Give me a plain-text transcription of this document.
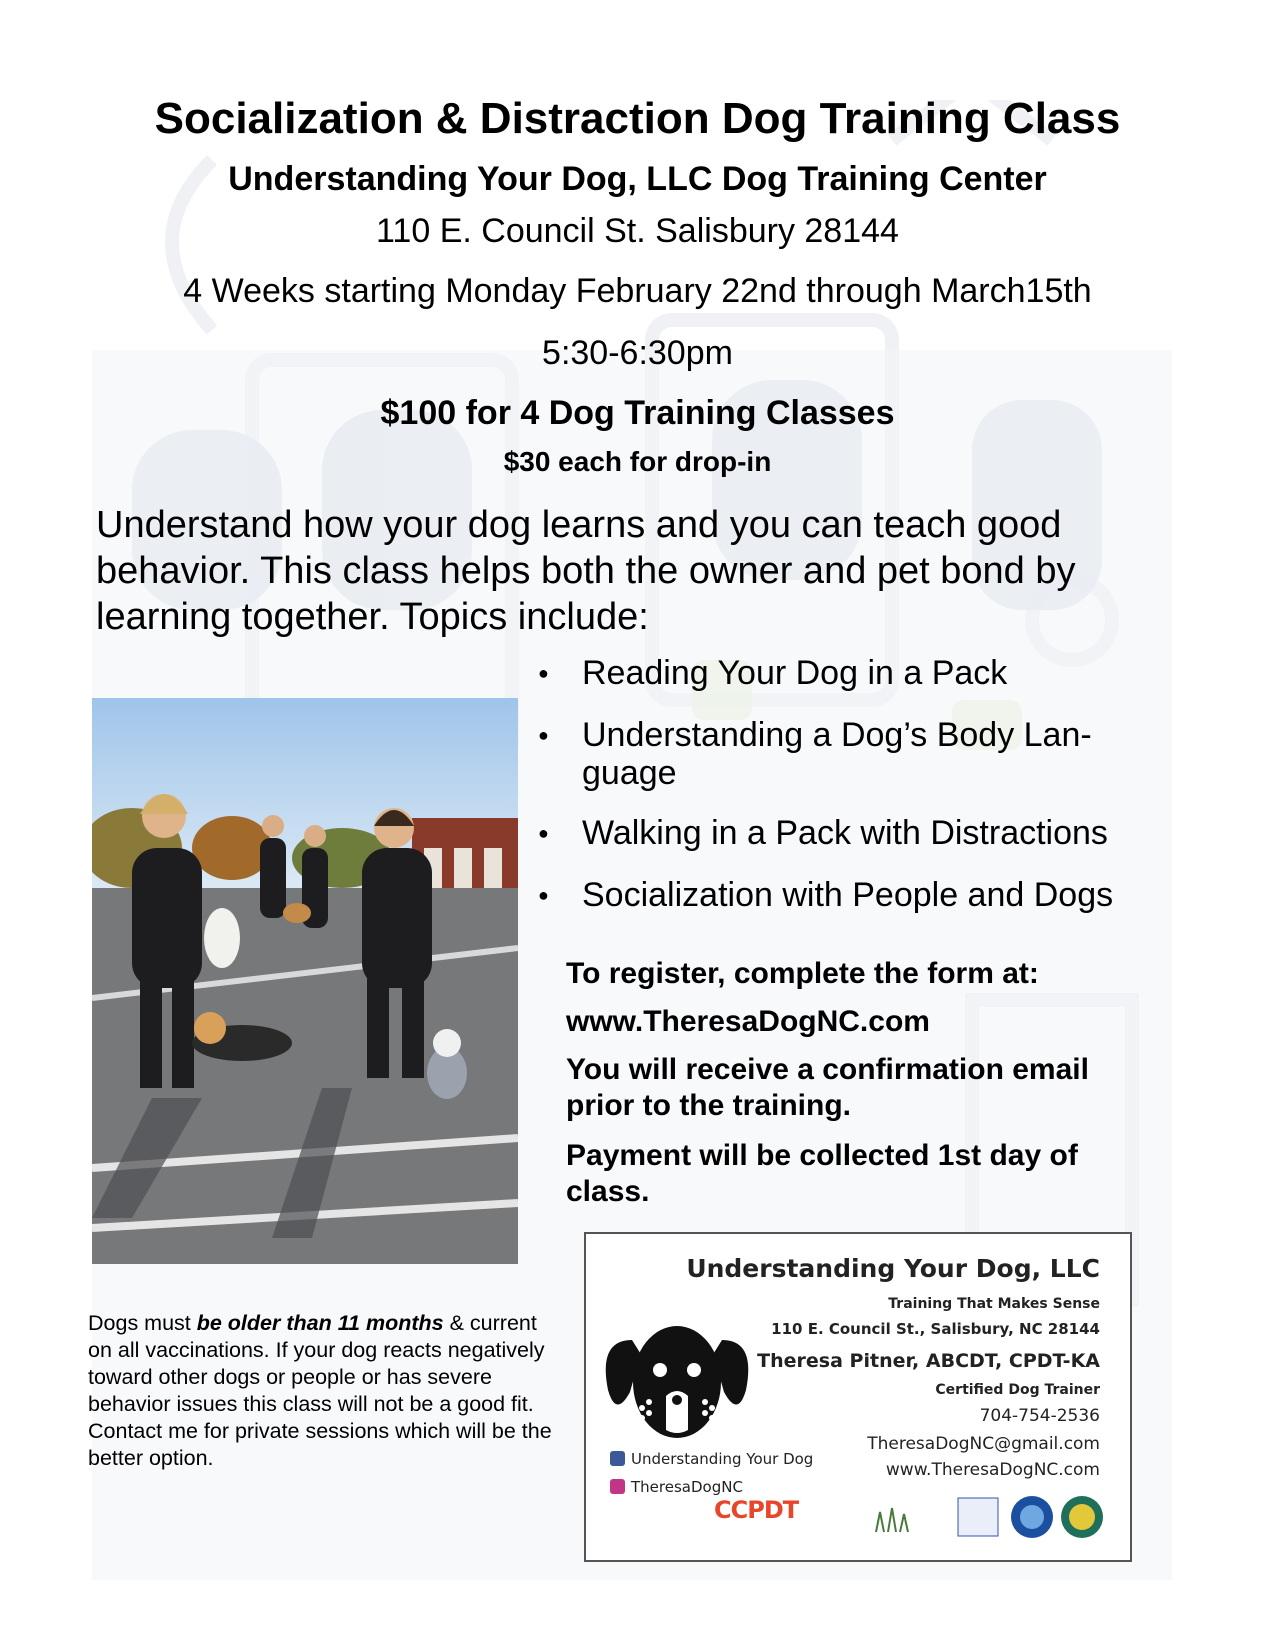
Socialization & Distraction Dog Training Class
Understanding Your Dog, LLC Dog Training Center
110 E. Council St. Salisbury 28144
4 Weeks starting Monday February 22nd through March15th
5:30-6:30pm
$100 for 4 Dog Training Classes
$30 each for drop-in
Understand how your dog learns and you can teach good behavior. This class helps both the owner and pet bond by learning together. Topics include:
● Reading Your Dog in a Pack
● Understanding a Dog’s Body Lan-guage
● Walking in a Pack with Distractions
● Socialization with People and Dogs

To register, complete the form at:

www.TheresaDogNC.com

You will receive a confirmation email prior to the training.

Payment will be collected 1st day of class.

Dogs must be older than 11 months & current on all vaccinations. If your dog reacts negatively toward other dogs or people or has severe behavior issues this class will not be a good fit. Contact me for private sessions which will be the better option.
Understanding Your Dog, LLC
Training That Makes Sense
110 E. Council St., Salisbury, NC 28144
Theresa Pitner, ABCDT, CPDT-KA
Certified Dog Trainer
704-754-2536
TheresaDogNC@gmail.com
www.TheresaDogNC.com
Understanding Your Dog
TheresaDogNC
CCPDT
